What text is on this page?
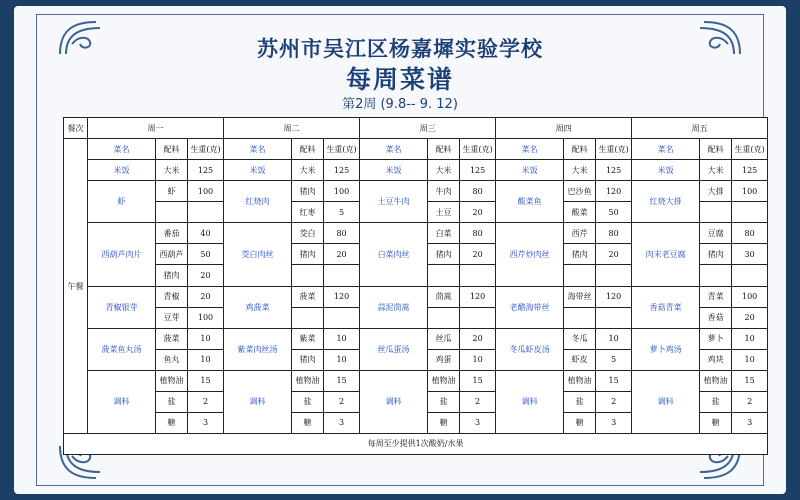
苏州市吴江区杨嘉墀实验学校
每周菜谱
第2周 (9.8-- 9. 12)
餐次	周一			周二			周三			周四			周五		
午餐	菜名	配料	生重(克)	菜名	配料	生重(克)	菜名	配料	生重(克)	菜名	配料	生重(克)	菜名	配料	生重(克)
	米饭	大米	125	米饭	大米	125	米饭	大米	125	米饭	大米	125	米饭	大米	125
	虾	虾	100	红烧肉	猪肉	100	土豆牛肉	牛肉	80	酸菜鱼	巴沙鱼	120	红烧大排	大排	100
					红枣	5		土豆	20		酸菜	50			
	西葫芦肉片	番茄	40	茭白肉丝	茭白	80	白菜肉丝	白菜	80	西芹炒肉丝	西芹	80	肉末老豆腐	豆腐	80
		西葫芦	50		猪肉	20		猪肉	20		猪肉	20		猪肉	30
		猪肉	20												
	青椒银芽	青椒	20	鸡菠菜	菠菜	120	蒜泥茼蒿	茼蒿	120	老醋海带丝	海带丝	120	香菇青菜	青菜	100
		豆芽	100											香菇	20
	菠菜鱼丸汤	菠菜	10	紫菜肉丝汤	紫菜	10	丝瓜蛋汤	丝瓜	20	冬瓜虾皮汤	冬瓜	10	萝卜鸡汤	萝卜	10
		鱼丸	10		猪肉	10		鸡蛋	10		虾皮	5		鸡块	10
	调料	植物油	15	调料	植物油	15	调料	植物油	15	调料	植物油	15	调料	植物油	15
		盐	2		盐	2		盐	2		盐	2		盐	2
		糖	3		糖	3		糖	3		糖	3		糖	3
每周至少提供1次酸奶/水果															
